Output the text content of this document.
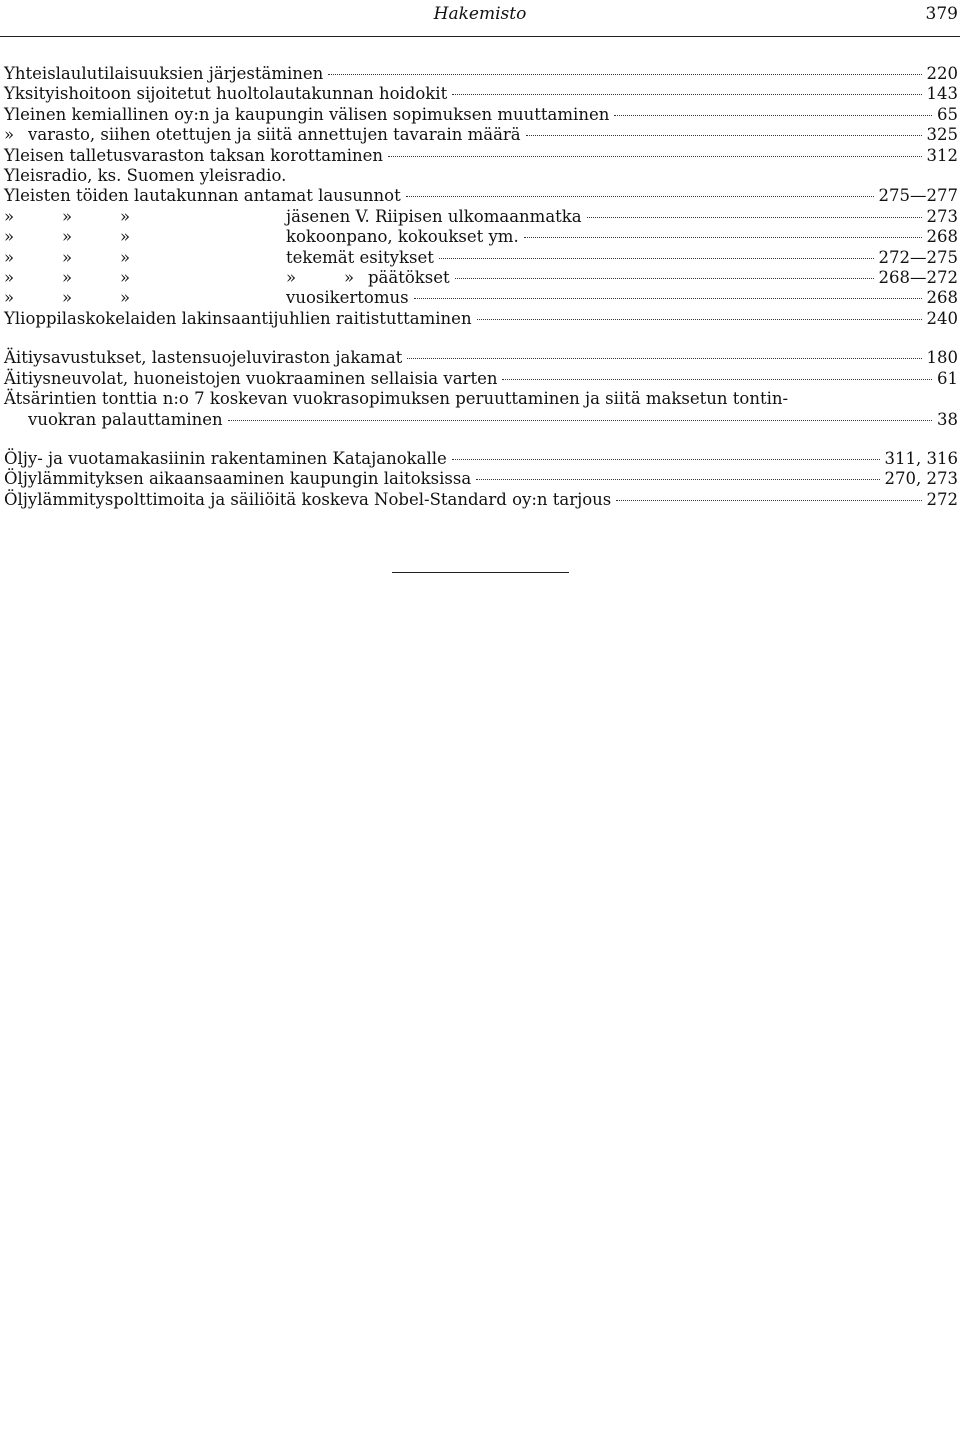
Hakemisto	379
Yhteislaulutilaisuuksien järjestäminen	220
Yksityishoitoon sijoitetut huoltolautakunnan hoidokit	143
Yleinen kemiallinen oy:n ja kaupungin välisen sopimuksen muuttaminen	65
» varasto, siihen otettujen ja siitä annettujen tavarain määrä	325
Yleisen talletusvaraston taksan korottaminen	312
Yleisradio, ks. Suomen yleisradio.
Yleisten töiden lautakunnan antamat lausunnot	275—277
»	»	»	jäsenen V. Riipisen ulkomaanmatka	273
»	»	»	kokoonpano, kokoukset ym.	268
»	»	»	tekemät esitykset	272—275
»	»	»	»	» päätökset	268—272
»	»	»	vuosikertomus	268
Ylioppilaskokelaiden lakinsaantijuhlien raitistuttaminen	240
Äitiysavustukset, lastensuojeluviraston jakamat	180
Äitiysneuvolat, huoneistojen vuokraaminen sellaisia varten	61
Ätsärintien tonttia n:o 7 koskevan vuokrasopimuksen peruuttaminen ja siitä maksetun tontin-
vuokran palauttaminen	38
Öljy- ja vuotamakasiinin rakentaminen Katajanokalle	311, 316
Öljylämmityksen aikaansaaminen kaupungin laitoksissa	270, 273
Öljylämmityspolttimoita ja säiliöitä koskeva Nobel-Standard oy:n tarjous	272
